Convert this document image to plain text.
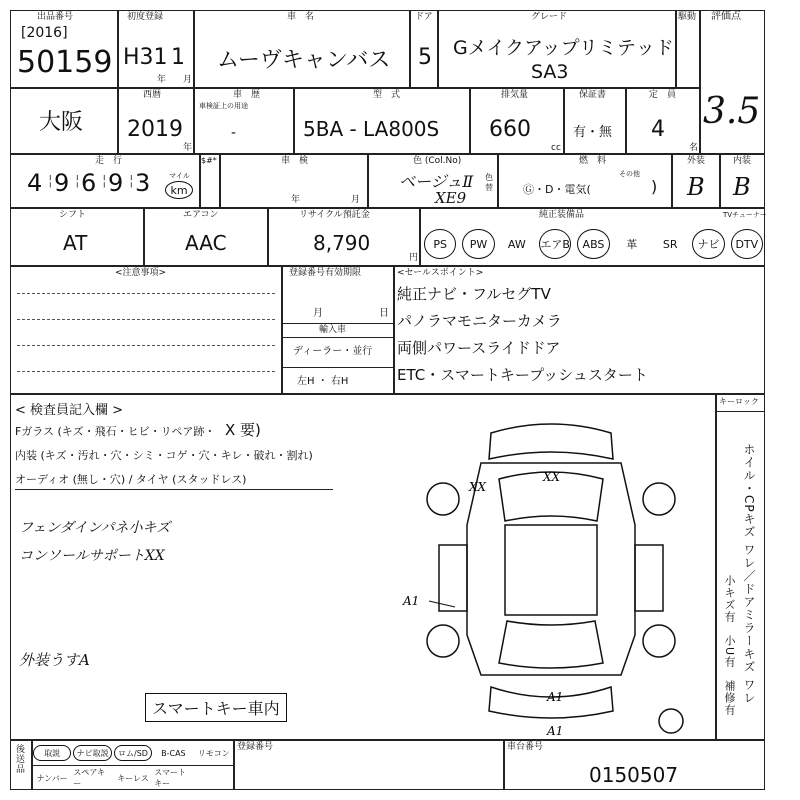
出品番号
[2016]
50159
初度登録
H31 1
年 月
車　名
ムーヴキャンバス
ドア
5
グレード
Gメイクアップリミテッド
SA3
駆動 評価点
3.5
大阪
西暦
2019
年
車　歴
車検証上の用途
-
型　式
5BA - LA800S
排気量
660
cc
保証書
有・無
定　員
4
名
走　行
4 9
¦ 6
¦ 9
¦ 3
¦	マイル
km
$#*	車　検
年	月
色 (Col.No)
ベージュⅡ
XE9
色替
燃　料
Ⓖ・D・電気(
その他
)
外装
B
内装
B
シフト
AT
エアコン
AAC
リサイクル預託金
8,790
円
純正装備品	TVチューナー
PS	PW	AW	エアB	ABS	革	SR	ナビ	DTV
<注意事項>	登録番号有効期限
月	日
輸入車
ディーラー・並行
左H ・ 右H
<セールスポイント>
純正ナビ・フルセグTV
パノラマモニターカメラ
両側パワースライドドア
ETC・スマートキープッシュスタート
< 検査員記入欄 >
Fガラス (キズ・飛石・ヒビ・リペア跡・ X 要)
内装 (キズ・汚れ・穴・シミ・コゲ・穴・キレ・破れ・割れ)
オーディオ (無し・穴) / タイヤ (スタッドレス)
フェンダインパネ小キズ
コンソールサポートXX
外装うすA
スマートキー車内
XX
XX
A1
A1
A1
キーロック
ホイル・CPキズ ワレ／ドアミラーキズ ワレ
小キズ有　小U有　補修有
後送品
取説	ナビ取説	ロム/SD	B-CAS	リモコン
ナンバー
スペアキー
キーレス
スマートキー
登録番号	車台番号
0150507
